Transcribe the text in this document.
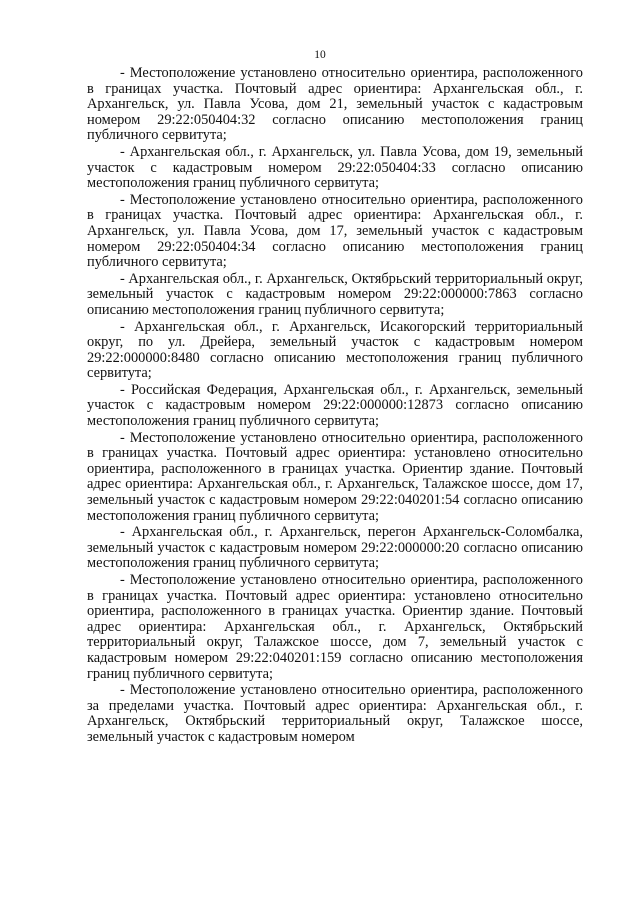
10

- Местоположение установлено относительно ориентира, расположенного в границах участка. Почтовый адрес ориентира: Архангельская обл., г. Архангельск, ул. Павла Усова, дом 21, земельный участок с кадастровым номером 29:22:050404:32 согласно описанию местоположения границ публичного сервитута;

- Архангельская обл., г. Архангельск, ул. Павла Усова, дом 19, земельный участок с кадастровым номером 29:22:050404:33 согласно описанию местоположения границ публичного сервитута;

- Местоположение установлено относительно ориентира, расположенного в границах участка. Почтовый адрес ориентира: Архангельская обл., г. Архангельск, ул. Павла Усова, дом 17, земельный участок с кадастровым номером 29:22:050404:34 согласно описанию местоположения границ публичного сервитута;

- Архангельская обл., г. Архангельск, Октябрьский территориальный округ, земельный участок с кадастровым номером 29:22:000000:7863 согласно описанию местоположения границ публичного сервитута;

- Архангельская обл., г. Архангельск, Исакогорский территориальный округ, по ул. Дрейера, земельный участок с кадастровым номером 29:22:000000:8480 согласно описанию местоположения границ публичного сервитута;

- Российская Федерация, Архангельская обл., г. Архангельск, земельный участок с кадастровым номером 29:22:000000:12873 согласно описанию местоположения границ публичного сервитута;

- Местоположение установлено относительно ориентира, расположенного в границах участка. Почтовый адрес ориентира: установлено относительно ориентира, расположенного в границах участка. Ориентир здание. Почтовый адрес ориентира: Архангельская обл., г. Архангельск, Талажское шоссе, дом 17, земельный участок с кадастровым номером 29:22:040201:54 согласно описанию местоположения границ публичного сервитута;

- Архангельская обл., г. Архангельск, перегон Архангельск-Соломбалка, земельный участок с кадастровым номером 29:22:000000:20 согласно описанию местоположения границ публичного сервитута;

- Местоположение установлено относительно ориентира, расположенного в границах участка. Почтовый адрес ориентира: установлено относительно ориентира, расположенного в границах участка. Ориентир здание. Почтовый адрес ориентира: Архангельская обл., г. Архангельск, Октябрьский территориальный округ, Талажское шоссе, дом 7, земельный участок с кадастровым номером 29:22:040201:159 согласно описанию местоположения границ публичного сервитута;

- Местоположение установлено относительно ориентира, расположенного за пределами участка. Почтовый адрес ориентира: Архангельская обл., г. Архангельск, Октябрьский территориальный округ, Талажское шоссе, земельный участок с кадастровым номером
